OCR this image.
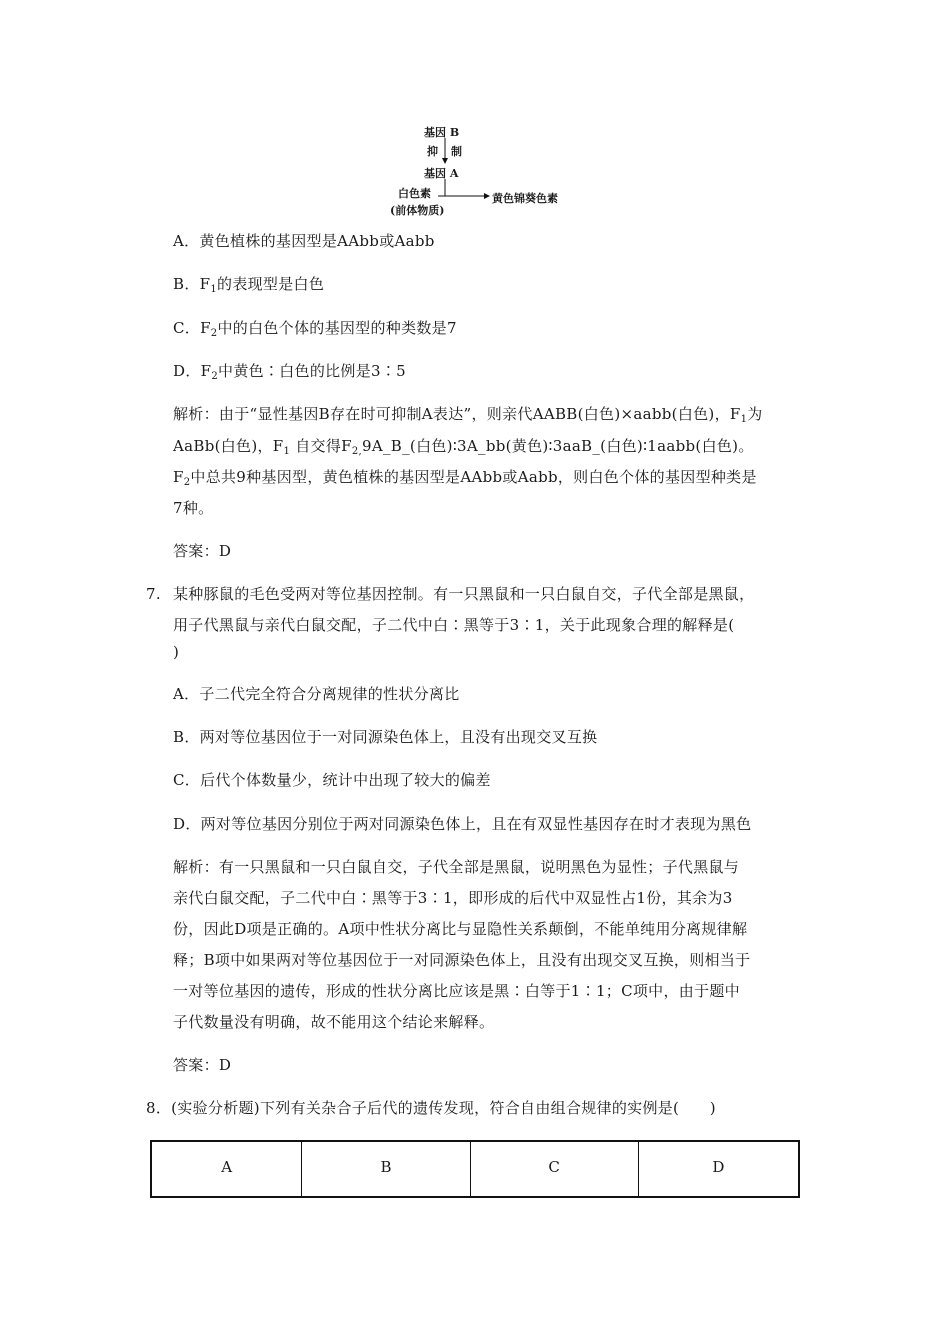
基因 B
抑 制
基因 A
白色素
(前体物质)
黄色锦葵色素
A．黄色植株的基因型是AAbb或Aabb
B．$F_1$的表现型是白色
C．$F_2$中的白色个体的基因型的种类数是7
D．$F_2$中黄色∶白色的比例是3∶5
解析：由于“显性基因B存在时可抑制A表达”，则亲代AABB(白色)×aabb(白色)，$F_1$为
AaBb(白色)，$F_1$ 自交得$F_{2,}9A\_B\_$(白色)∶3A_bb(黄色)∶3aaB_(白色)∶1aabb(白色)。
$F_2$中总共9种基因型，黄色植株的基因型是AAbb或Aabb，则白色个体的基因型种类是
7种。
答案：D
7. 某种豚鼠的毛色受两对等位基因控制。有一只黑鼠和一只白鼠自交，子代全部是黑鼠，
用子代黑鼠与亲代白鼠交配，子二代中白∶黑等于3∶1，关于此现象合理的解释是(
)
A．子二代完全符合分离规律的性状分离比
B．两对等位基因位于一对同源染色体上，且没有出现交叉互换
C．后代个体数量少，统计中出现了较大的偏差
D．两对等位基因分别位于两对同源染色体上，且在有双显性基因存在时才表现为黑色
解析：有一只黑鼠和一只白鼠自交，子代全部是黑鼠，说明黑色为显性；子代黑鼠与
亲代白鼠交配，子二代中白∶黑等于3∶1，即形成的后代中双显性占1份，其余为3
份，因此D项是正确的。A项中性状分离比与显隐性关系颠倒，不能单纯用分离规律解
释；B项中如果两对等位基因位于一对同源染色体上，且没有出现交叉互换，则相当于
一对等位基因的遗传，形成的性状分离比应该是黑∶白等于1∶1；C项中，由于题中
子代数量没有明确，故不能用这个结论来解释。
答案：D
8．(实验分析题)下列有关杂合子后代的遗传发现，符合自由组合规律的实例是(　　)
A	B	C	D
